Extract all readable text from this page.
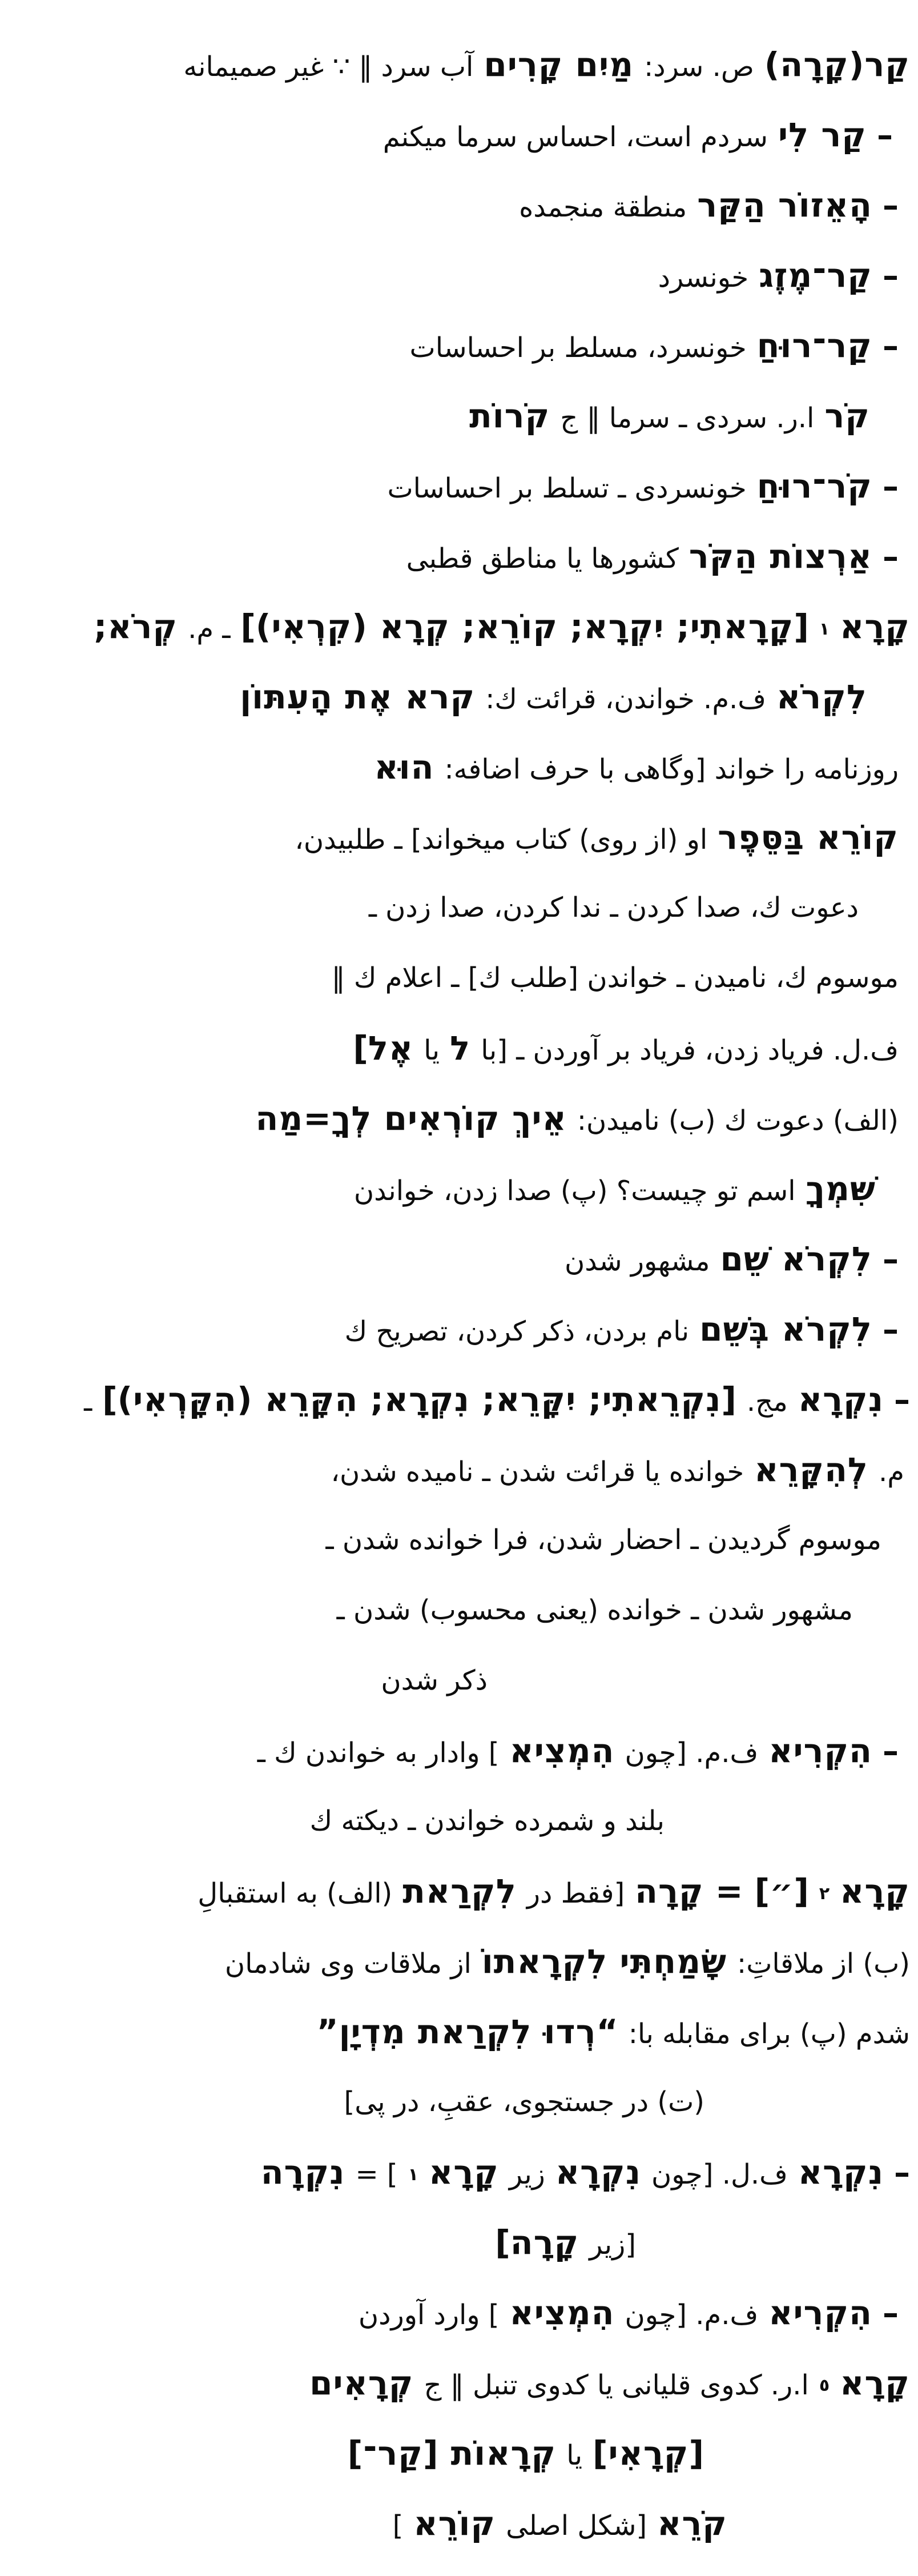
קַר(קָרָה)ص. سرد:מַיִם קָרִיםآب سرد ‖ ∵ غير صميمانه
–קַר לִיسردم است، احساس سرما ميكنم
–הָאֵזוֹר הַקַּרمنطقة منجمده
–קַר־מֶזֶגخونسرد
–קַר־רוּחַخونسرد، مسلط بر احساسات
קֹרا.ر. سردى ـ سرما ‖ جקֹרוֹת
–קֹר־רוּחַخونسردى ـ تسلط بر احساسات
–אַרְצוֹת הַקֹּרكشورها يا مناطق قطبى
קָרָא١[קָרָאתִי; יִקְרָא; קוֹרֵא; קְרָא (קִרְאִי)]ـ م.קְרֹא;
לִקְרֹאف.م. خواندن، قرائت ك:קרא אֶת הָעִתּוֹן
روزنامه را خواند [وگاهى با حرف اضافه:הוּא
קוֹרֵא בַּסֵּפֶרاو (از روى) كتاب ميخواند] ـ طلبيدن،
دعوت ك، صدا كردن ـ ندا كردن، صدا زدن ـ
موسوم ك، ناميدن ـ خواندن [طلب ك] ـ اعلام ك ‖
ف.ل. فرياد زدن، فرياد بر آوردن ـ [باלياאֶל]
(الف) دعوت ك (ب) ناميدن:אֵיךְ קוֹרְאִים לְךָ=מַה
שִּׁמְךָاسم تو چيست؟ (پ) صدا زدن، خواندن
–לִקְרֹא שֵׁםمشهور شدن
–לִקְרֹא בְּשֵׁםنام بردن، ذكر كردن، تصريح ك
–נִקְרָאمج.[נִקְרֵאתִי; יִקָּרֵא; נִקְרָא; הִקָּרֵא (הִקָּרְאִי)]ـ
م.לְהִקָּרֵאخوانده يا قرائت شدن ـ ناميده شدن،
موسوم گرديدن ـ احضار شدن، فرا خوانده شدن ـ
مشهور شدن ـ خوانده (يعنى محسوب) شدن ـ
ذكر شدن
–הִקְרִיאف.م. [چونהִמְצִיא] وادار به خواندن ك ـ
بلند و شمرده خواندن ـ ديكته ك
קָרָא٢[״] = קָרָה[فقط درלִקְרַאת(الف) به استقبالِ
(ب) از ملاقاتِ:שָׂמַחְתִּי לִקְרָאתוֹاز ملاقات وى شادمان
شدم (پ) براى مقابله با:“רְדוּ לִקְרַאת מִדְיָן”
(ت) در جستجوی، عقبِ، در پی]
–נִקְרָאف.ل. [چونנִקְרָאزيرקָרָא١] =נִקְרָה
[زيرקָרָה]
–הִקְרִיאف.م. [چونהִמְצִיא] وارد آوردن
קָרָא٥ا.ر. كدوى قليانى يا كدوى تنبل ‖ جקְרָאִים
[קְרָאִי]ياקְרָאוֹת [קַר־]
קֹרֵא[شكل اصلىקוֹרֵא]
